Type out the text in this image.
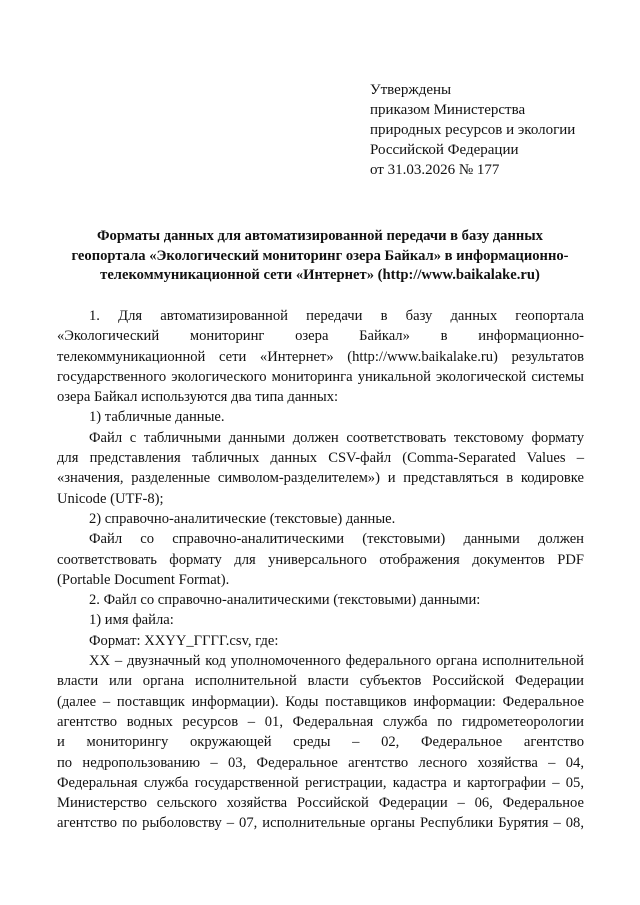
Утверждены
приказом Министерства
природных ресурсов и экологии
Российской Федерации
от 31.03.2026 № 177
Форматы данных для автоматизированной передачи в базу данных
геопортала «Экологический мониторинг озера Байкал» в информационно-
телекоммуникационной сети «Интернет» (http://www.baikalake.ru)
1. Для автоматизированной передачи в базу данных геопортала
«Экологический мониторинг озера Байкал» в информационно-
телекоммуникационной сети «Интернет» (http://www.baikalake.ru) результатов
государственного экологического мониторинга уникальной экологической системы
озера Байкал используются два типа данных:
1) табличные данные.
Файл с табличными данными должен соответствовать текстовому формату
для представления табличных данных CSV-файл (Comma-Separated Values –
«значения, разделенные символом-разделителем») и представляться в кодировке
Unicode (UTF-8);
2) справочно-аналитические (текстовые) данные.
Файл со справочно-аналитическими (текстовыми) данными должен
соответствовать формату для универсального отображения документов PDF
(Portable Document Format).
2. Файл со справочно-аналитическими (текстовыми) данными:
1) имя файла:
Формат: XXYY_ГГГГ.csv, где:
XX – двузначный код уполномоченного федерального органа исполнительной
власти или органа исполнительной власти субъектов Российской Федерации
(далее – поставщик информации). Коды поставщиков информации: Федеральное
агентство водных ресурсов – 01, Федеральная служба по гидрометеорологии
и мониторингу окружающей среды – 02, Федеральное агентство
по недропользованию – 03, Федеральное агентство лесного хозяйства – 04,
Федеральная служба государственной регистрации, кадастра и картографии – 05,
Министерство сельского хозяйства Российской Федерации – 06, Федеральное
агентство по рыболовству – 07, исполнительные органы Республики Бурятия – 08,
